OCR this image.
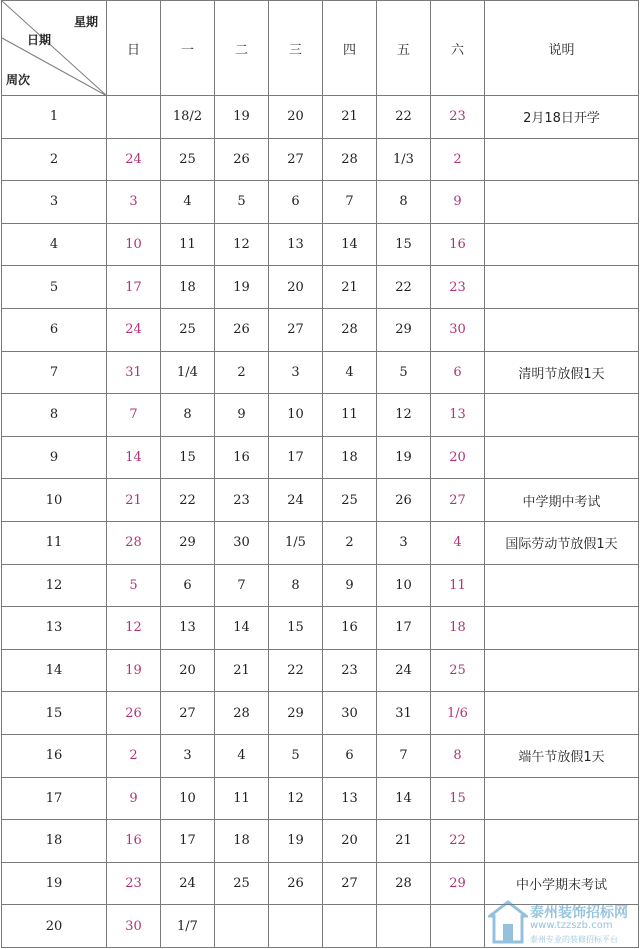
星期
日期
周次	日	一	二	三	四	五	六	说明
1		18/2	19	20	21	22	23	2月18日开学
2	24	25	26	27	28	1/3	2	
3	3	4	5	6	7	8	9	
4	10	11	12	13	14	15	16	
5	17	18	19	20	21	22	23	
6	24	25	26	27	28	29	30	
7	31	1/4	2	3	4	5	6	清明节放假1天
8	7	8	9	10	11	12	13	
9	14	15	16	17	18	19	20	
10	21	22	23	24	25	26	27	中学期中考试
11	28	29	30	1/5	2	3	4	国际劳动节放假1天
12	5	6	7	8	9	10	11	
13	12	13	14	15	16	17	18	
14	19	20	21	22	23	24	25	
15	26	27	28	29	30	31	1/6	
16	2	3	4	5	6	7	8	端午节放假1天
17	9	10	11	12	13	14	15	
18	16	17	18	19	20	21	22	
19	23	24	25	26	27	28	29	中小学期末考试
20	30	1/7						
泰州装饰招标网
www.tzzszb.com
泰州专业的装修招标平台
